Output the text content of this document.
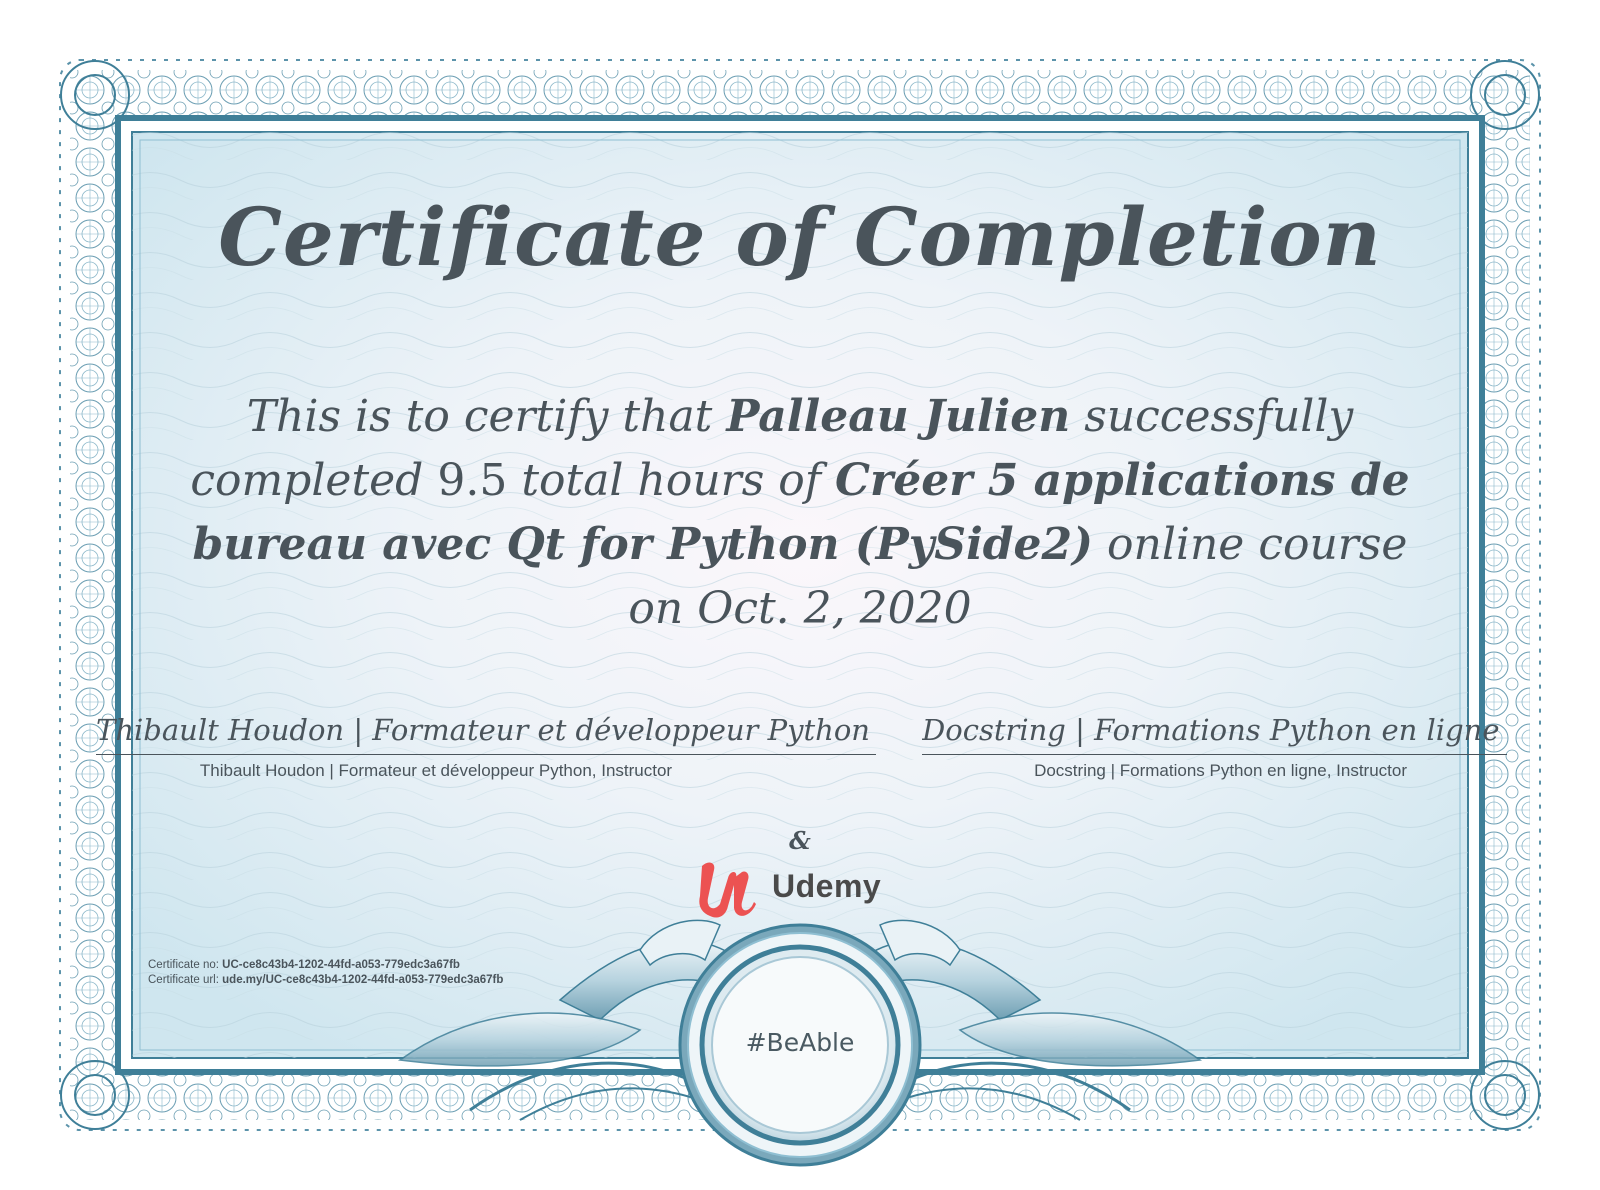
Certificate of Completion

This is to certify that Palleau Julien successfully completed 9.5 total hours of Créer 5 applications de bureau avec Qt for Python (PySide2) online course on Oct. 2, 2020

Thibault Houdon | Formateur et développeur Python
Thibault Houdon | Formateur et développeur Python, Instructor
Docstring | Formations Python en ligne
Docstring | Formations Python en ligne, Instructor
&
Udemy
Certificate no: UC-ce8c43b4-1202-44fd-a053-779edc3a67fb
Certificate url: ude.my/UC-ce8c43b4-1202-44fd-a053-779edc3a67fb
#BeAble
